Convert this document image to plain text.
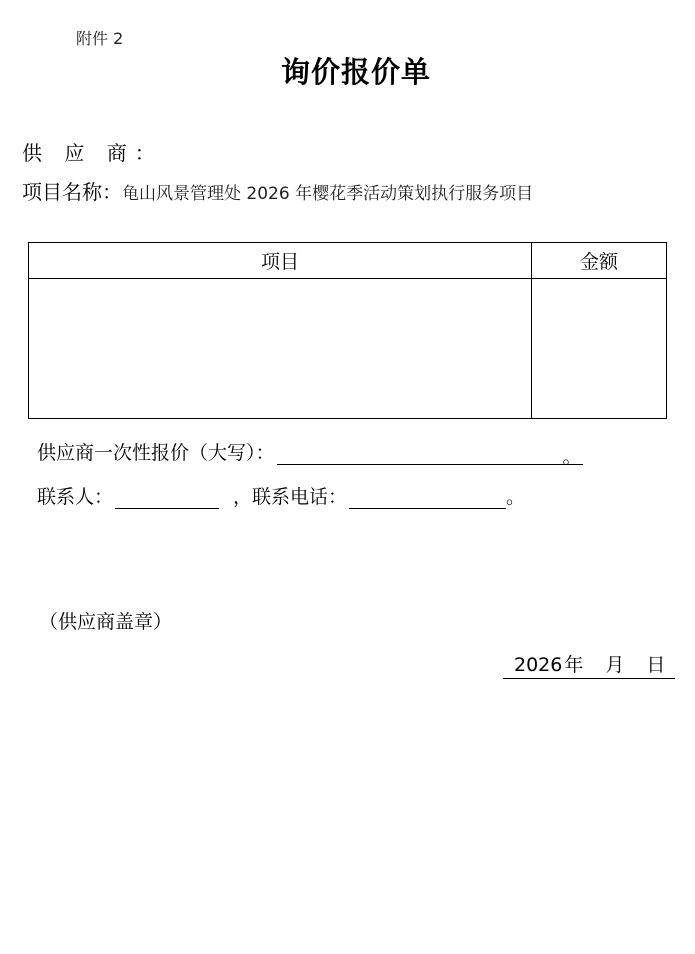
附件 2
询价报价单
供 应 商：
项目名称：龟山风景管理处 2026 年樱花季活动策划执行服务项目
项目	金额

供应商一次性报价（大写）：	。
联系人：	，联系电话：	。
（供应商盖章）
2026 年 月 日
